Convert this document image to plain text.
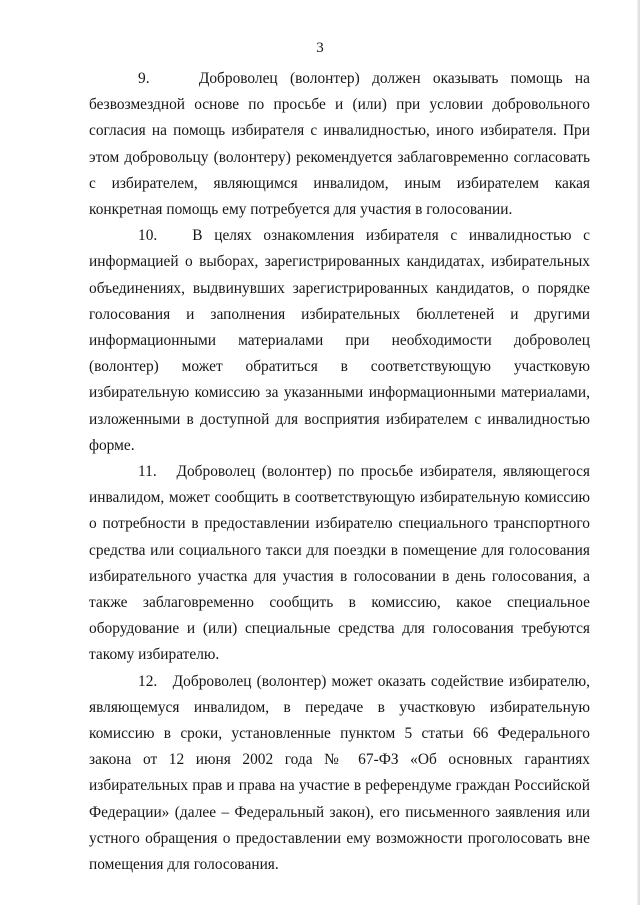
3

9.    Доброволец (волонтер) должен оказывать помощь на безвозмездной основе по просьбе и (или) при условии добровольного согласия на помощь избирателя с инвалидностью, иного избирателя. При этом добровольцу (волонтеру) рекомендуется заблаговременно согласовать с избирателем, являющимся инвалидом, иным избирателем какая конкретная помощь ему потребуется для участия в голосовании.

10.   В целях ознакомления избирателя с инвалидностью с информацией о выборах, зарегистрированных кандидатах, избирательных объединениях, выдвинувших зарегистрированных кандидатов, о порядке голосования и заполнения избирательных бюллетеней и другими информационными материалами при необходимости доброволец (волонтер) может обратиться в соответствующую участковую избирательную комиссию за указанными информационными материалами, изложенными в доступной для восприятия избирателем с инвалидностью форме.

11.   Доброволец (волонтер) по просьбе избирателя, являющегося инвалидом, может сообщить в соответствующую избирательную комиссию о потребности в предоставлении избирателю специального транспортного средства или социального такси для поездки в помещение для голосования избирательного участка для участия в голосовании в день голосования, а также заблаговременно сообщить в комиссию, какое специальное оборудование и (или) специальные средства для голосования требуются такому избирателю.

12.   Доброволец (волонтер) может оказать содействие избирателю, являющемуся инвалидом, в передаче в участковую избирательную комиссию в сроки, установленные пунктом 5 статьи 66 Федерального закона от 12 июня 2002 года № 67-ФЗ «Об основных гарантиях избирательных прав и права на участие в референдуме граждан Российской Федерации» (далее – Федеральный закон), его письменного заявления или устного обращения о предоставлении ему возможности проголосовать вне помещения для голосования.
